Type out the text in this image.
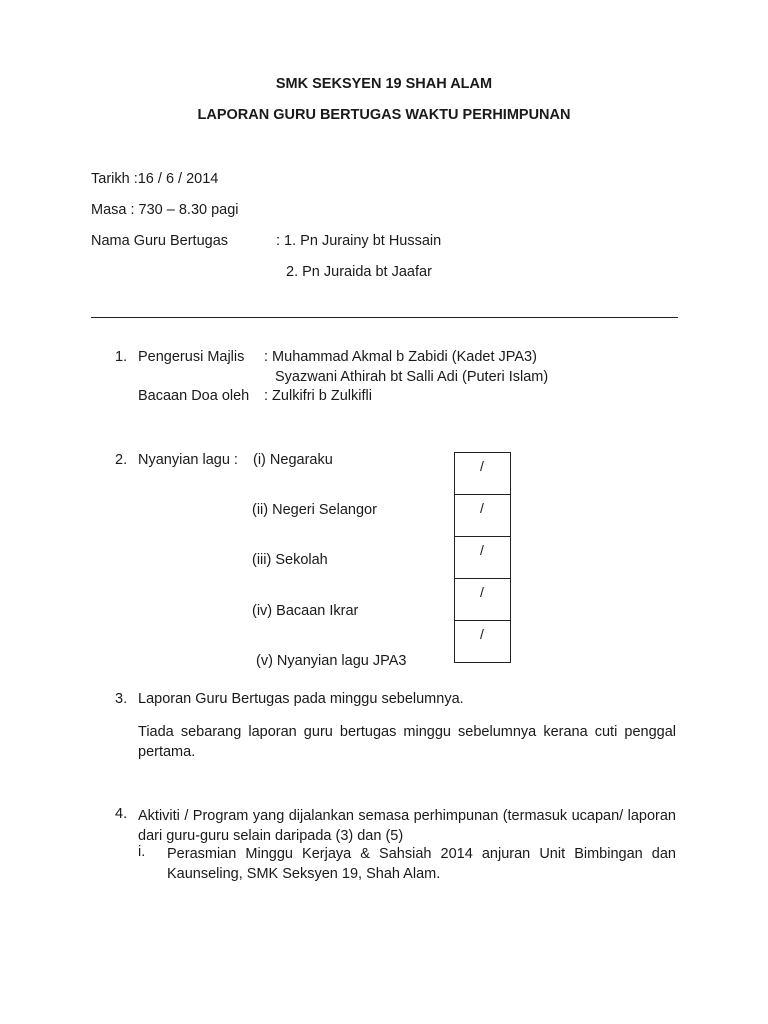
SMK SEKSYEN 19 SHAH ALAM
LAPORAN GURU BERTUGAS WAKTU PERHIMPUNAN
Tarikh :16 / 6 / 2014
Masa : 730 – 8.30 pagi
Nama Guru Bertugas	: 1. Pn Jurainy bt Hussain
2. Pn Juraida bt Jaafar
1. Pengerusi Majlis : Muhammad Akmal b Zabidi (Kadet JPA3)
Syazwani Athirah bt Salli Adi (Puteri Islam)
Bacaan Doa oleh : Zulkifri b Zulkifli
2. Nyanyian lagu : (i) Negaraku
(ii) Negeri Selangor
(iii) Sekolah
(iv) Bacaan Ikrar
(v) Nyanyian lagu JPA3
/
/
/
/
/
3. Laporan Guru Bertugas pada minggu sebelumnya.
Tiada sebarang laporan guru bertugas minggu sebelumnya kerana cuti penggal pertama.
4. Aktiviti / Program yang dijalankan semasa perhimpunan (termasuk ucapan/ laporan dari guru-guru selain daripada (3) dan (5)
i. Perasmian Minggu Kerjaya & Sahsiah 2014 anjuran Unit Bimbingan dan Kaunseling, SMK Seksyen 19, Shah Alam.
